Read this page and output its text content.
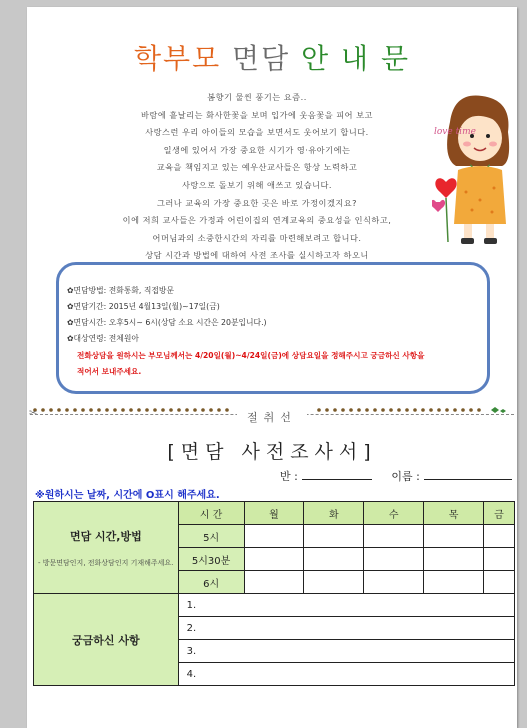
학부모 면담 안 내 문
봄향기 물씬 풍기는 요즘..
바람에 흩날리는 화사한꽃을 보며 입가에 웃음꽃을 피어 보고
사랑스런 우리 아이들의 모습을 보면서도 웃어보기 합니다.
일생에 있어서 가장 중요한 시기가 영·유아기에는
교육을 책임지고 있는 예우산교사들은 항상 노력하고
사랑으로 돌보기 위해 애쓰고 있습니다.
그러나 교육의 가장 중요한 곳은 바로 가정이겠지요?
이에 저희 교사들은 가정과 어린이집의 연계교육의 중요성을 인식하고,
어머님과의 소중한시간의 자리를 마련해보려고 합니다.
상담 시간과 방법에 대하여 사전 조사를 실시하고자 하오니
love time
✿면담방법: 전화통화, 직접방문
✿면담기간: 2015년 4월13일(월)~17일(금)
✿면담시간: 오후5시~ 6시(상담 소요 시간은 20분입니다.)
✿대상연령: 전체원아
전화상담을 원하시는 부모님께서는 4/20일(월)~4/24일(금)에 상담요일을 정해주시고 궁금하신 사항을
적어서 보내주세요.
✂	절취선
[면담 사전조사서]
반 :	이름 :
※원하시는 날짜, 시간에 O표시 해주세요.
면담 시간,방법
- 방문면담인지, 전화상담인지 기재해주세요.	시 간	월	화	수	목	금
	5시					
	5시30분					
	6시					
궁금하신 사항	1.					
	2.					
	3.					
	4.					
